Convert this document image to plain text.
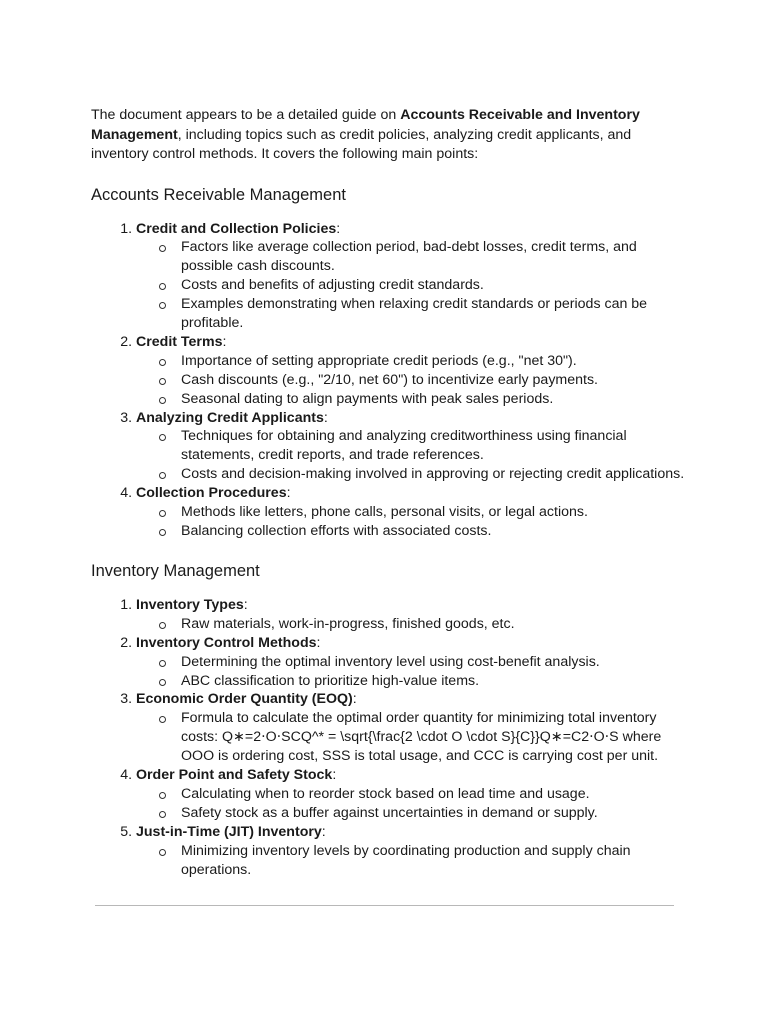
The document appears to be a detailed guide on Accounts Receivable and Inventory Management, including topics such as credit policies, analyzing credit applicants, and inventory control methods. It covers the following main points:

Accounts Receivable Management
1. Credit and Collection Policies:
Factors like average collection period, bad-debt losses, credit terms, and possible cash discounts.
Costs and benefits of adjusting credit standards.
Examples demonstrating when relaxing credit standards or periods can be profitable.
2. Credit Terms:
Importance of setting appropriate credit periods (e.g., "net 30").
Cash discounts (e.g., "2/10, net 60") to incentivize early payments.
Seasonal dating to align payments with peak sales periods.
3. Analyzing Credit Applicants:
Techniques for obtaining and analyzing creditworthiness using financial statements, credit reports, and trade references.
Costs and decision-making involved in approving or rejecting credit applications.
4. Collection Procedures:
Methods like letters, phone calls, personal visits, or legal actions.
Balancing collection efforts with associated costs.
Inventory Management
1. Inventory Types:
Raw materials, work-in-progress, finished goods, etc.
2. Inventory Control Methods:
Determining the optimal inventory level using cost-benefit analysis.
ABC classification to prioritize high-value items.
3. Economic Order Quantity (EOQ):
Formula to calculate the optimal order quantity for minimizing total inventory costs: Q∗=2⋅O⋅SCQ^* = \sqrt{\frac{2 \cdot O \cdot S}{C}}Q∗=C2⋅O⋅S where OOO is ordering cost, SSS is total usage, and CCC is carrying cost per unit.
4. Order Point and Safety Stock:
Calculating when to reorder stock based on lead time and usage.
Safety stock as a buffer against uncertainties in demand or supply.
5. Just-in-Time (JIT) Inventory:
Minimizing inventory levels by coordinating production and supply chain operations.
